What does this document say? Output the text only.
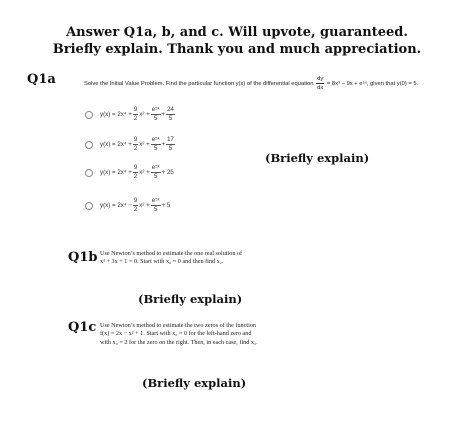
Answer Q1a, b, and c. Will upvote, guaranteed.
Briefly explain. Thank you and much appreciation.
Q1a	Solve the Initial Value Problem. Find the particular function y(x) of the differential equation $\frac{dy}{dx} = 8x^3 - 9x$ + e⁵ˣ, given that y(0) = 5.
$y(x) = 2x^4 + \frac{9}{2} x^2 + \frac{\text{e⁵ˣ}}{5} + \frac{24}{5}$
$y(x) = 2x^4 + \frac{9}{2} x^2 + \frac{\text{e⁵ˣ}}{5} + \frac{17}{5}$
$y(x) = 2x^4 + \frac{9}{2} x^2 + \frac{\text{e⁵ˣ}}{5} + 25$
$y(x) = 2x^4 - \frac{9}{2} x^2 + \frac{\text{e⁵ˣ}}{5} + 5$
(Briefly explain)
Q1b Use Newton’s method to estimate the one real solution of
x³ + 3x + 1 = 0. Start with x₀ = 0 and then find x₂.
(Briefly explain)
Q1c Use Newton’s method to estimate the two zeros of the function
f(x) = 2x − x² + 1. Start with x₀ = 0 for the left-hand zero and
with x₀ = 2 for the zero on the right. Then, in each case, find x₂.
(Briefly explain)
